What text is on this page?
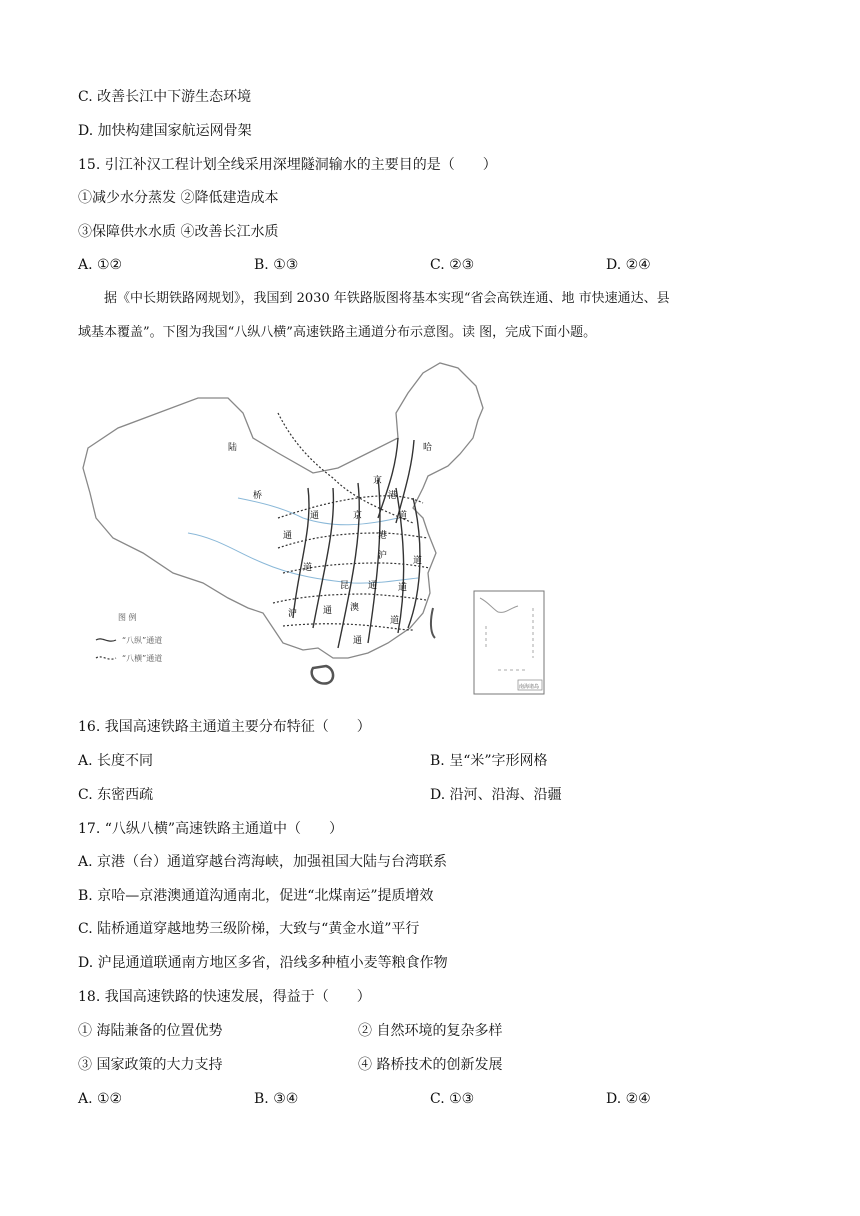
C. 改善长江中下游生态环境
D. 加快构建国家航运网骨架
15. 引江补汉工程计划全线采用深埋隧洞输水的主要目的是（　　）
①减少水分蒸发 ②降低建造成本
③保障供水水质 ④改善长江水质
A. ①②	B. ①③	C. ②③	D. ②④
据《中长期铁路网规划》，我国到 2030 年铁路版图将基本实现“省会高铁连通、地 市快速通达、县
域基本覆盖”。下图为我国“八纵八横”高速铁路主通道分布示意图。读 图，完成下面小题。
陆
桥
通
道
哈
京
港
京
沪
昆 通 道
沪	通 澳
道
港
道
通
道
通
图 例
“八纵”通道
“八横”通道
南海诸岛
16. 我国高速铁路主通道主要分布特征（　　）
A. 长度不同	B. 呈“米”字形网格
C. 东密西疏	D. 沿河、沿海、沿疆
17. “八纵八横”高速铁路主通道中（　　）
A. 京港（台）通道穿越台湾海峡，加强祖国大陆与台湾联系
B. 京哈—京港澳通道沟通南北，促进“北煤南运”提质增效
C. 陆桥通道穿越地势三级阶梯，大致与“黄金水道”平行
D. 沪昆通道联通南方地区多省，沿线多种植小麦等粮食作物
18. 我国高速铁路的快速发展，得益于（　　）
① 海陆兼备的位置优势	② 自然环境的复杂多样
③ 国家政策的大力支持	④ 路桥技术的创新发展
A. ①②	B. ③④	C. ①③	D. ②④
